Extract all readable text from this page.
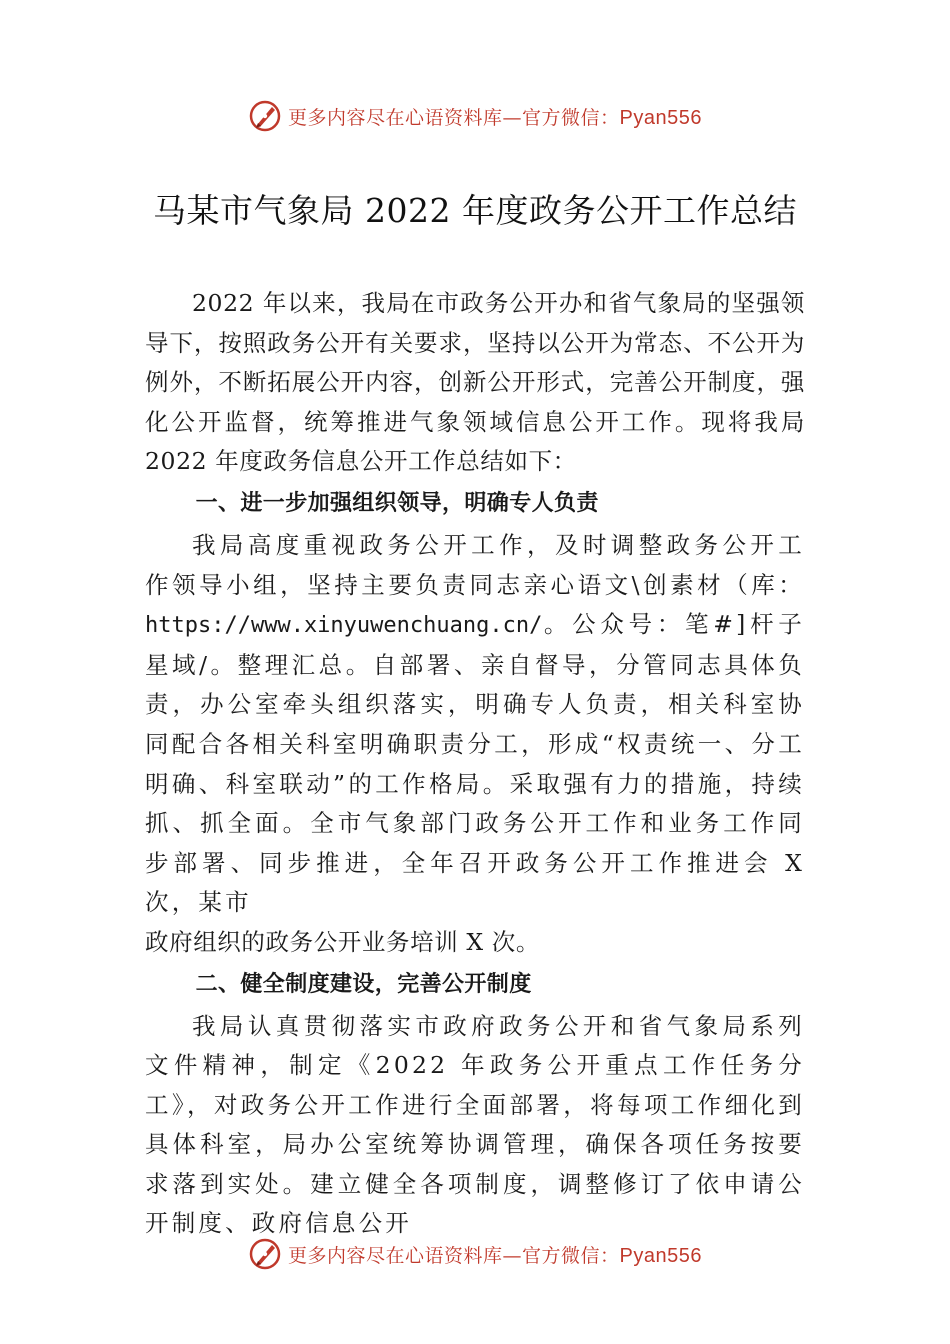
更多内容尽在心语资料库—官方微信：Pyan556
马某市气象局 2022 年度政务公开工作总结

2022 年以来，我局在市政务公开办和省气象局的坚强领导下，按照政务公开有关要求，坚持以公开为常态、不公开为例外，不断拓展公开内容，创新公开形式，完善公开制度，强化公开监督，统筹推进气象领域信息公开工作。现将我局 2022 年度政务信息公开工作总结如下：

一、进一步加强组织领导，明确专人负责

我局高度重视政务公开工作，及时调整政务公开工作领导小组，坚持主要负责同志亲心语文\创素材（库：https://www.xinyuwenchuang.cn/。公众号：笔#]杆子星域/。整理汇总。自部署、亲自督导，分管同志具体负责，办公室牵头组织落实，明确专人负责，相关科室协同配合各相关科室明确职责分工，形成“权责统一、分工明确、科室联动”的工作格局。采取强有力的措施，持续抓、抓全面。全市气象部门政务公开工作和业务工作同步部署、同步推进，全年召开政务公开工作推进会 X 次，某市

政府组织的政务公开业务培训 X 次。

二、健全制度建设，完善公开制度

我局认真贯彻落实市政府政务公开和省气象局系列文件精神，制定《2022 年政务公开重点工作任务分工》，对政务公开工作进行全面部署，将每项工作细化到具体科室，局办公室统筹协调管理，确保各项任务按要求落到实处。建立健全各项制度，调整修订了依申请公开制度、政府信息公开

更多内容尽在心语资料库—官方微信：Pyan556
